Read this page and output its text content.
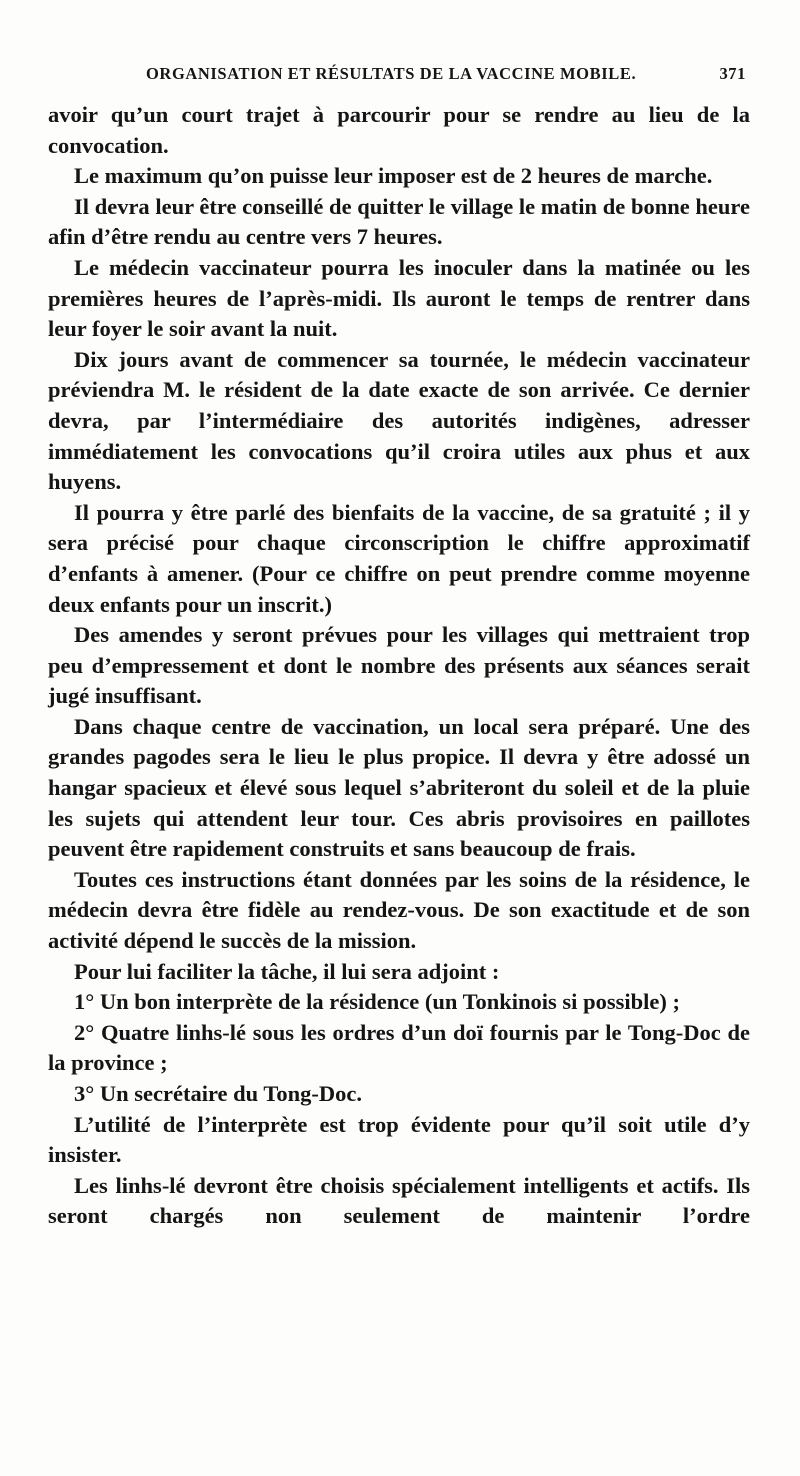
ORGANISATION ET RÉSULTATS DE LA VACCINE MOBILE.	371

avoir qu’un court trajet à parcourir pour se rendre au lieu de la convocation.

Le maximum qu’on puisse leur imposer est de 2 heures de marche.

Il devra leur être conseillé de quitter le village le matin de bonne heure afin d’être rendu au centre vers 7 heures.

Le médecin vaccinateur pourra les inoculer dans la matinée ou les premières heures de l’après-midi. Ils auront le temps de rentrer dans leur foyer le soir avant la nuit.

Dix jours avant de commencer sa tournée, le médecin vaccinateur préviendra M. le résident de la date exacte de son arrivée. Ce dernier devra, par l’intermédiaire des autorités indigènes, adresser immédiatement les convocations qu’il croira utiles aux phus et aux huyens.

Il pourra y être parlé des bienfaits de la vaccine, de sa gratuité ; il y sera précisé pour chaque circonscription le chiffre approximatif d’enfants à amener. (Pour ce chiffre on peut prendre comme moyenne deux enfants pour un inscrit.)

Des amendes y seront prévues pour les villages qui mettraient trop peu d’empressement et dont le nombre des présents aux séances serait jugé insuffisant.

Dans chaque centre de vaccination, un local sera préparé. Une des grandes pagodes sera le lieu le plus propice. Il devra y être adossé un hangar spacieux et élevé sous lequel s’abriteront du soleil et de la pluie les sujets qui attendent leur tour. Ces abris provisoires en paillotes peuvent être rapidement construits et sans beaucoup de frais.

Toutes ces instructions étant données par les soins de la résidence, le médecin devra être fidèle au rendez-vous. De son exactitude et de son activité dépend le succès de la mission.

Pour lui faciliter la tâche, il lui sera adjoint :

1° Un bon interprète de la résidence (un Tonkinois si possible) ;

2° Quatre linhs-lé sous les ordres d’un doï fournis par le Tong-Doc de la province ;

3° Un secrétaire du Tong-Doc.

L’utilité de l’interprète est trop évidente pour qu’il soit utile d’y insister.

Les linhs-lé devront être choisis spécialement intelligents et actifs. Ils seront chargés non seulement de maintenir l’ordre
